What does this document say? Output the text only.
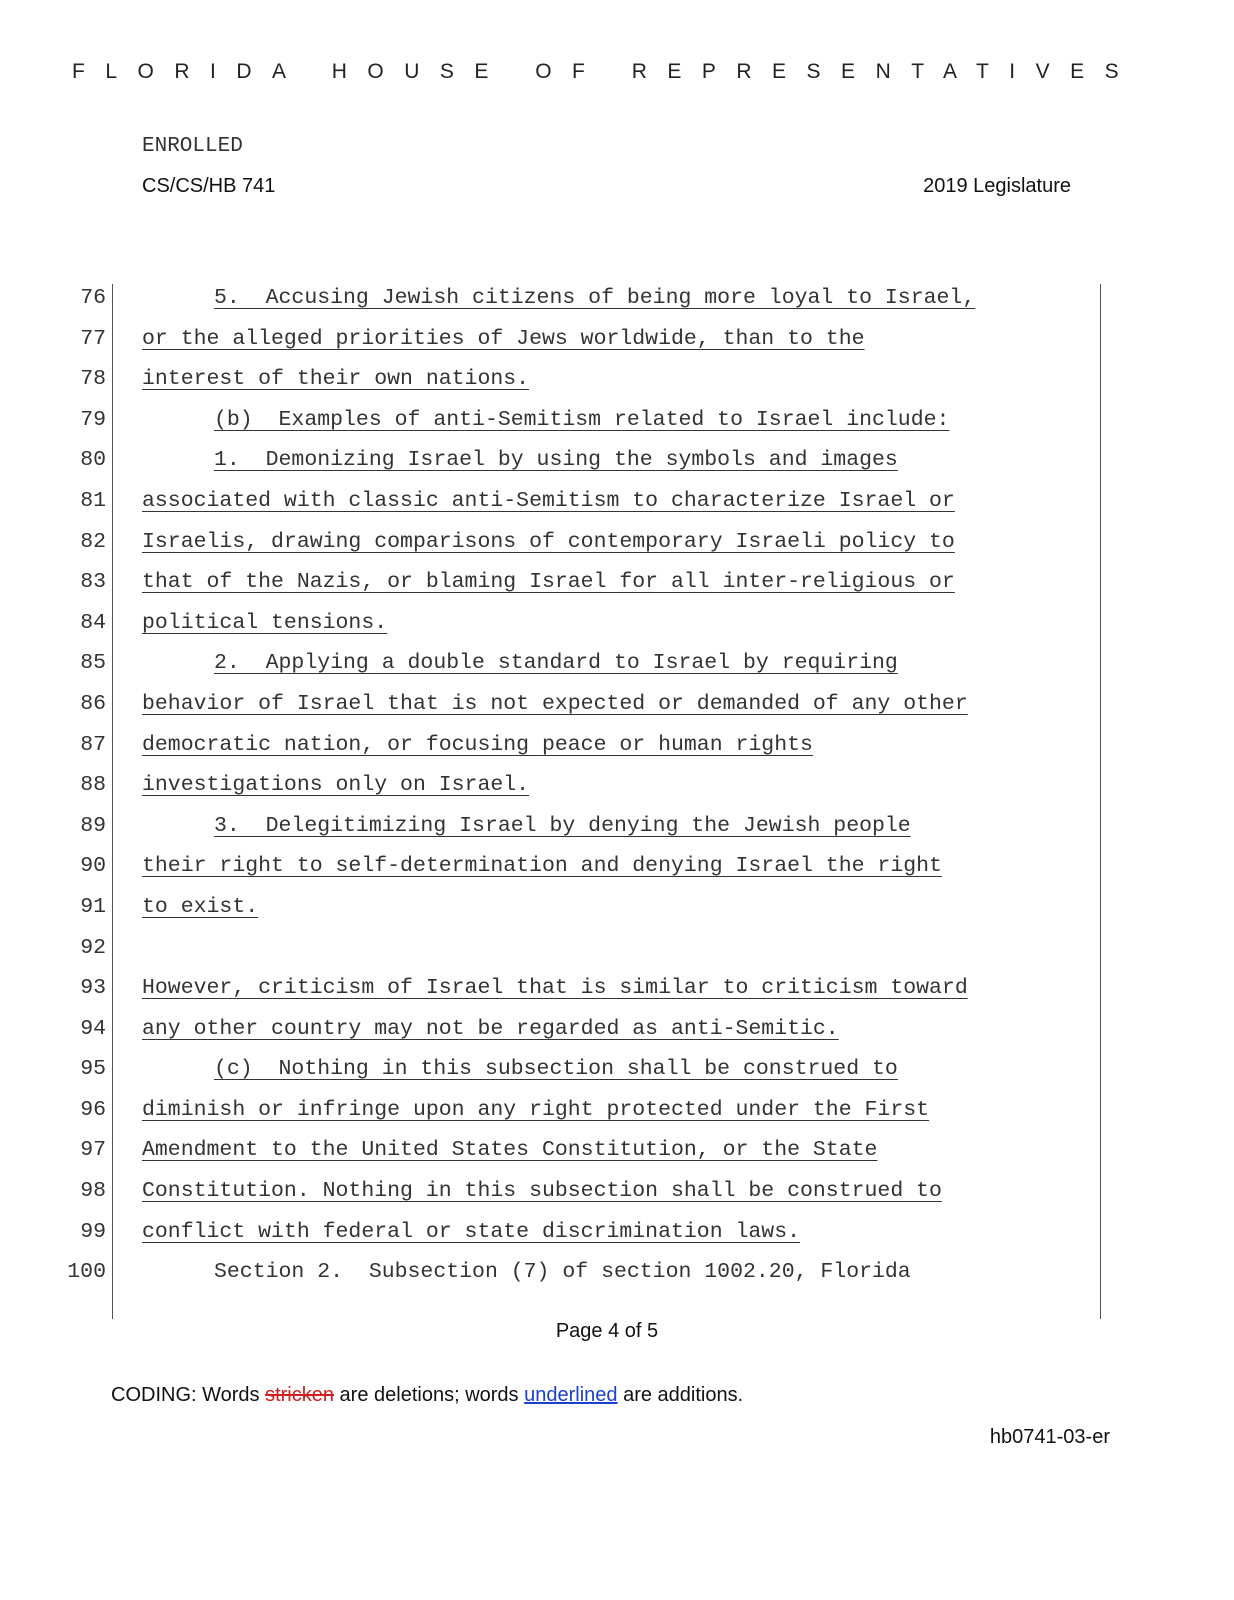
FLORIDA HOUSE OF REPRESENTATIVES
ENROLLED
CS/CS/HB 741	2019 Legislature
76	5.  Accusing Jewish citizens of being more loyal to Israel,
77 or the alleged priorities of Jews worldwide, than to the
78 interest of their own nations.
79	(b)  Examples of anti-Semitism related to Israel include:
80	1.  Demonizing Israel by using the symbols and images
81 associated with classic anti-Semitism to characterize Israel or
82 Israelis, drawing comparisons of contemporary Israeli policy to
83 that of the Nazis, or blaming Israel for all inter-religious or
84 political tensions.
85	2.  Applying a double standard to Israel by requiring
86 behavior of Israel that is not expected or demanded of any other
87 democratic nation, or focusing peace or human rights
88 investigations only on Israel.
89	3.  Delegitimizing Israel by denying the Jewish people
90 their right to self-determination and denying Israel the right
91 to exist.
92
93 However, criticism of Israel that is similar to criticism toward
94 any other country may not be regarded as anti-Semitic.
95	(c)  Nothing in this subsection shall be construed to
96 diminish or infringe upon any right protected under the First
97 Amendment to the United States Constitution, or the State
98 Constitution. Nothing in this subsection shall be construed to
99 conflict with federal or state discrimination laws.
100	Section 2.  Subsection (7) of section 1002.20, Florida
Page 4 of 5
CODING: Words stricken are deletions; words underlined are additions.
hb0741-03-er
